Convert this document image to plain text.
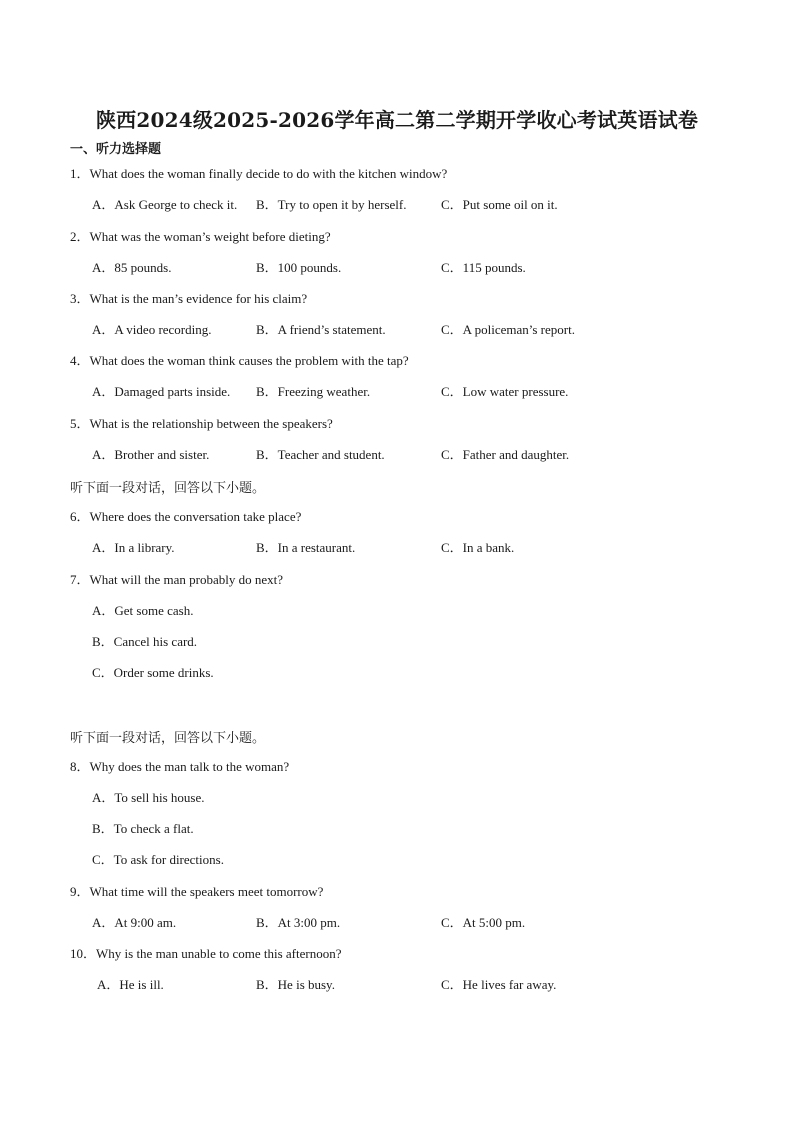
陕西2024级2025-2026学年高二第二学期开学收心考试英语试卷
一、听力选择题
1．What does the woman finally decide to do with the kitchen window?
A．Ask George to check it. B．Try to open it by herself.	C．Put some oil on it.
2．What was the woman’s weight before dieting?
A．85 pounds.	B．100 pounds.	C．115 pounds.
3．What is the man’s evidence for his claim?
A．A video recording.	B．A friend’s statement.	C．A policeman’s report.
4．What does the woman think causes the problem with the tap?
A．Damaged parts inside. B．Freezing weather.	C．Low water pressure.
5．What is the relationship between the speakers?
A．Brother and sister.	B．Teacher and student.	C．Father and daughter.
听下面一段对话，回答以下小题。
6．Where does the conversation take place?
A．In a library.	B．In a restaurant.	C．In a bank.
7．What will the man probably do next?
A．Get some cash.
B．Cancel his card.
C．Order some drinks.
听下面一段对话，回答以下小题。
8．Why does the man talk to the woman?
A．To sell his house.
B．To check a flat.
C．To ask for directions.
9．What time will the speakers meet tomorrow?
A．At 9:00 am.	B．At 3:00 pm.	C．At 5:00 pm.
10．Why is the man unable to come this afternoon?
A．He is ill.	B．He is busy.	C．He lives far away.
